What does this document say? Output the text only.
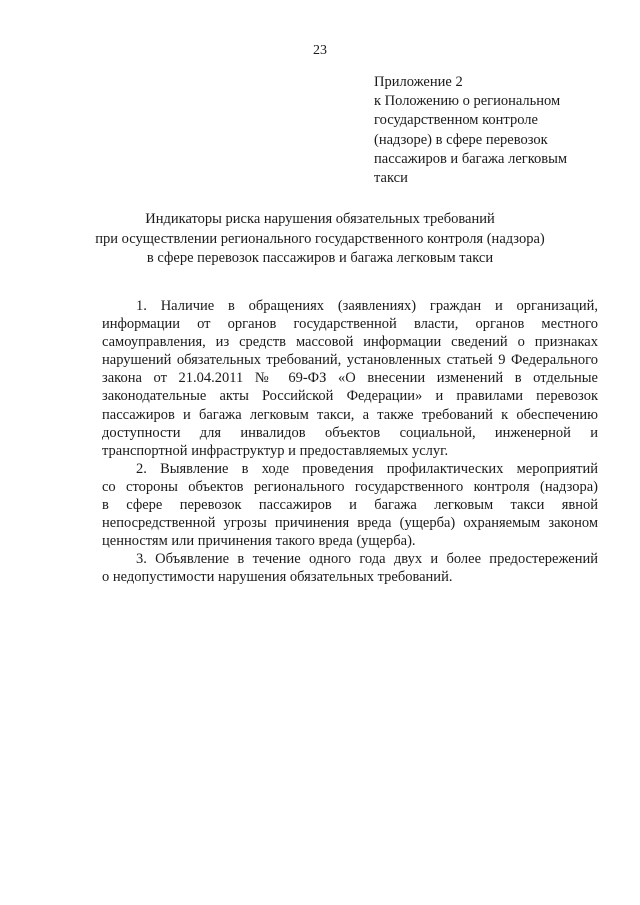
23
Приложение 2
к Положению о региональном
государственном контроле
(надзоре) в сфере перевозок
пассажиров и багажа легковым
такси
Индикаторы риска нарушения обязательных требований
при осуществлении регионального государственного контроля (надзора)
в сфере перевозок пассажиров и багажа легковым такси

1. Наличие в обращениях (заявлениях) граждан и организаций,
информации от органов государственной власти, органов местного
самоуправления, из средств массовой информации сведений о признаках
нарушений обязательных требований, установленных статьей 9 Федерального
закона от 21.04.2011 № 69-ФЗ «О внесении изменений в отдельные
законодательные акты Российской Федерации» и правилами перевозок
пассажиров и багажа легковым такси, а также требований к обеспечению
доступности для инвалидов объектов социальной, инженерной и
транспортной инфраструктур и предоставляемых услуг.

2. Выявление в ходе проведения профилактических мероприятий
со стороны объектов регионального государственного контроля (надзора)
в сфере перевозок пассажиров и багажа легковым такси явной
непосредственной угрозы причинения вреда (ущерба) охраняемым законом
ценностям или причинения такого вреда (ущерба).

3. Объявление в течение одного года двух и более предостережений
о недопустимости нарушения обязательных требований.
